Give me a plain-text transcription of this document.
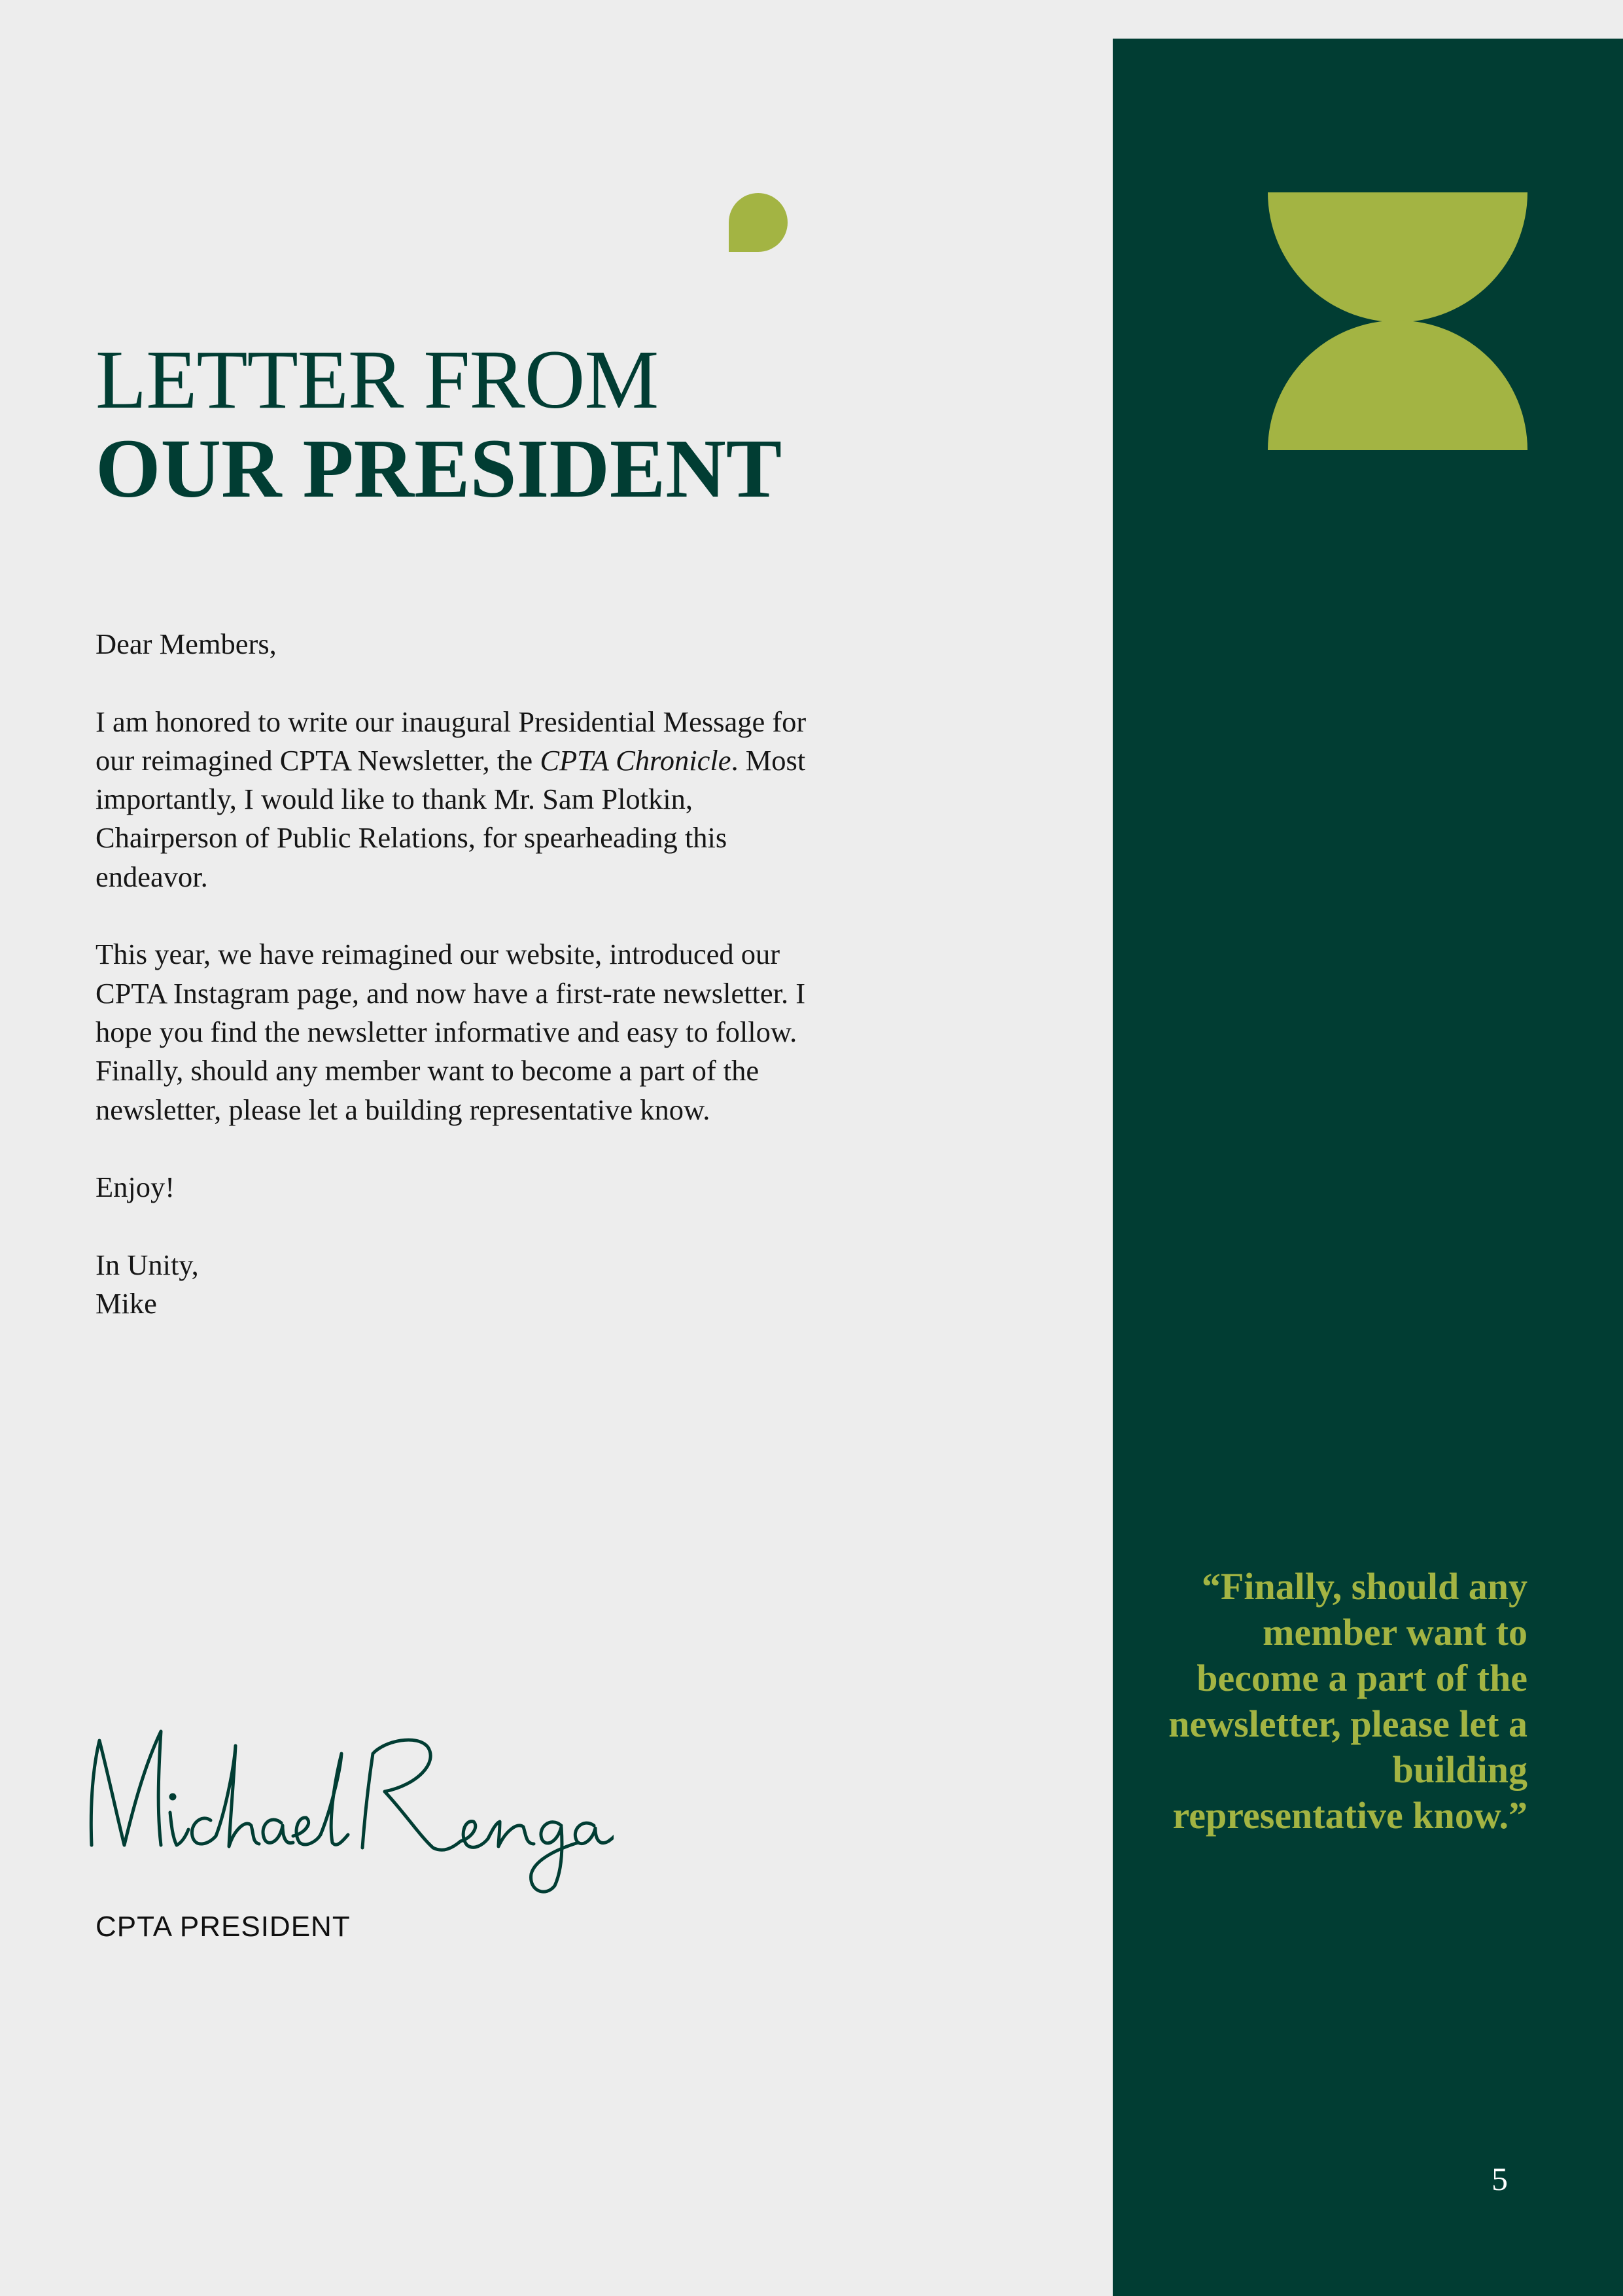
LETTER FROM
OUR PRESIDENT

Dear Members,

I am honored to write our inaugural Presidential Message for our reimagined CPTA Newsletter, the CPTA Chronicle. Most importantly, I would like to thank Mr. Sam Plotkin, Chairperson of Public Relations, for spearheading this endeavor.

This year, we have reimagined our website, introduced our CPTA Instagram page, and now have a first-rate newsletter. I hope you find the newsletter informative and easy to follow. Finally, should any member want to become a part of the newsletter, please let a building representative know.

Enjoy!

In Unity,

Mike

CPTA PRESIDENT
“Finally, should any member want to become a part of the newsletter, please let a building representative know.”
5
